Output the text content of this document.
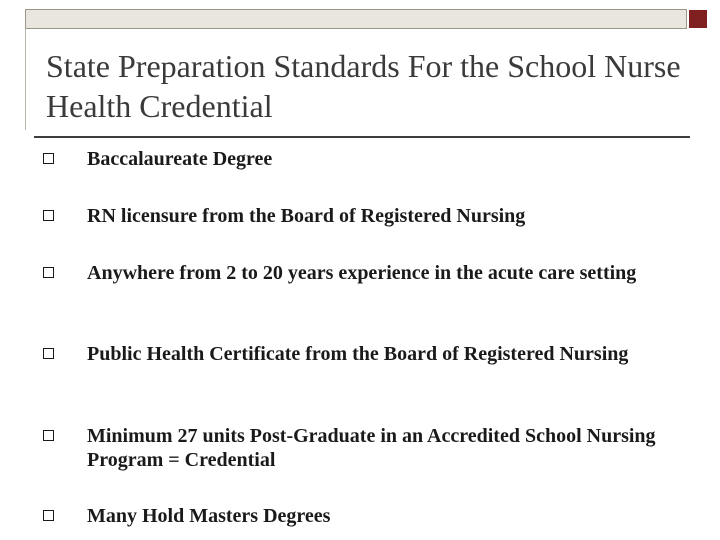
State Preparation Standards For the School Nurse Health Credential
Baccalaureate Degree
RN licensure from the Board of Registered Nursing
Anywhere from 2 to 20 years experience in the acute care setting
Public Health Certificate from the Board of Registered Nursing
Minimum 27 units Post-Graduate in an Accredited School Nursing Program = Credential
Many Hold Masters Degrees
